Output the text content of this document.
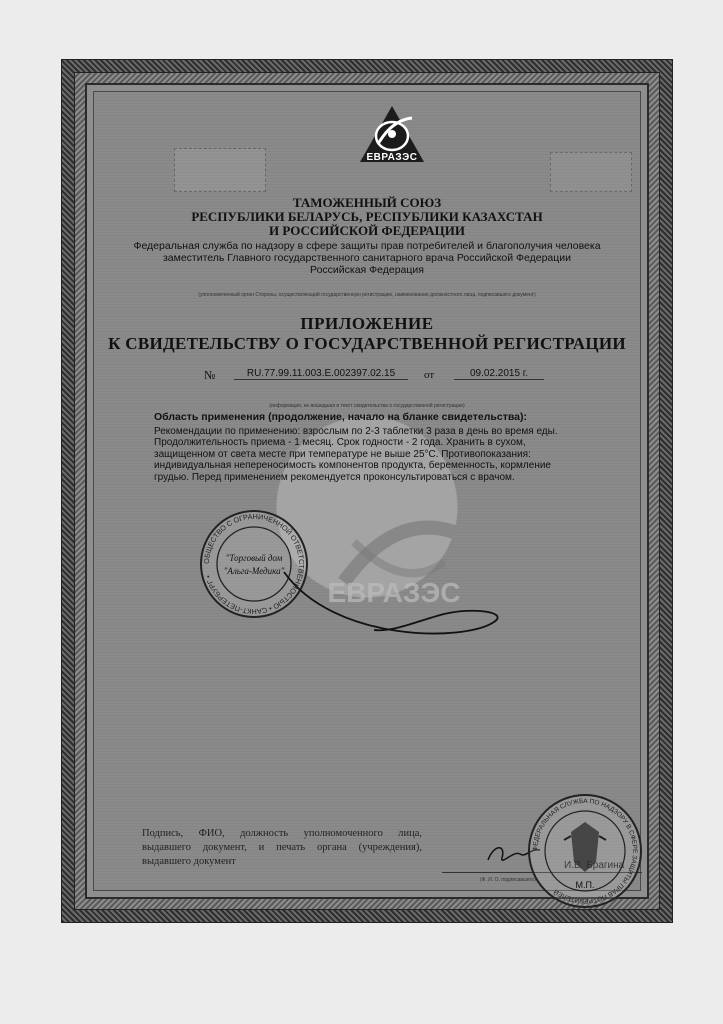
ЕВРАЗЭС
ТАМОЖЕННЫЙ СОЮЗ
РЕСПУБЛИКИ БЕЛАРУСЬ, РЕСПУБЛИКИ КАЗАХСТАН
И РОССИЙСКОЙ ФЕДЕРАЦИИ
Федеральная служба по надзору в сфере защиты прав потребителей и благополучия человека
заместитель Главного государственного санитарного врача Российской Федерации
Российская Федерация
(уполномоченный орган Стороны, осуществляющий государственную регистрацию, наименование должностного лица, подписавшего документ)
ПРИЛОЖЕНИЕ
К СВИДЕТЕЛЬСТВУ О ГОСУДАРСТВЕННОЙ РЕГИСТРАЦИИ
№	RU.77.99.11.003.E.002397.02.15	от	09.02.2015 г.
(информация, не вошедшая в текст свидетельства о государственной регистрации)
Область применения (продолжение, начало на бланке свидетельства):
Рекомендации по применению: взрослым по 2-3 таблетки 3 раза в день во время еды. Продолжительность приема - 1 месяц. Срок годности - 2 года. Хранить в сухом, защищенном от света месте при температуре не выше 25°С. Противопоказания: индивидуальная непереносимость компонентов продукта, беременность, кормление грудью. Перед применением рекомендуется проконсультироваться с врачом.
ЕВРАЗЭС
ОБЩЕСТВО С ОГРАНИЧЕННОЙ ОТВЕТСТВЕННОСТЬЮ • САНКТ-ПЕТЕРБУРГ •
"Торговый дом
"Альга-Медика"
Подпись, ФИО, должность уполномоченного лица, выдавшего документ, и печать органа (учреждения), выдавшего документ
(Ф. И. О. подписавшего)
ФЕДЕРАЛЬНАЯ СЛУЖБА ПО НАДЗОРУ В СФЕРЕ ЗАЩИТЫ ПРАВ ПОТРЕБИТЕЛЕЙ
М.П.
